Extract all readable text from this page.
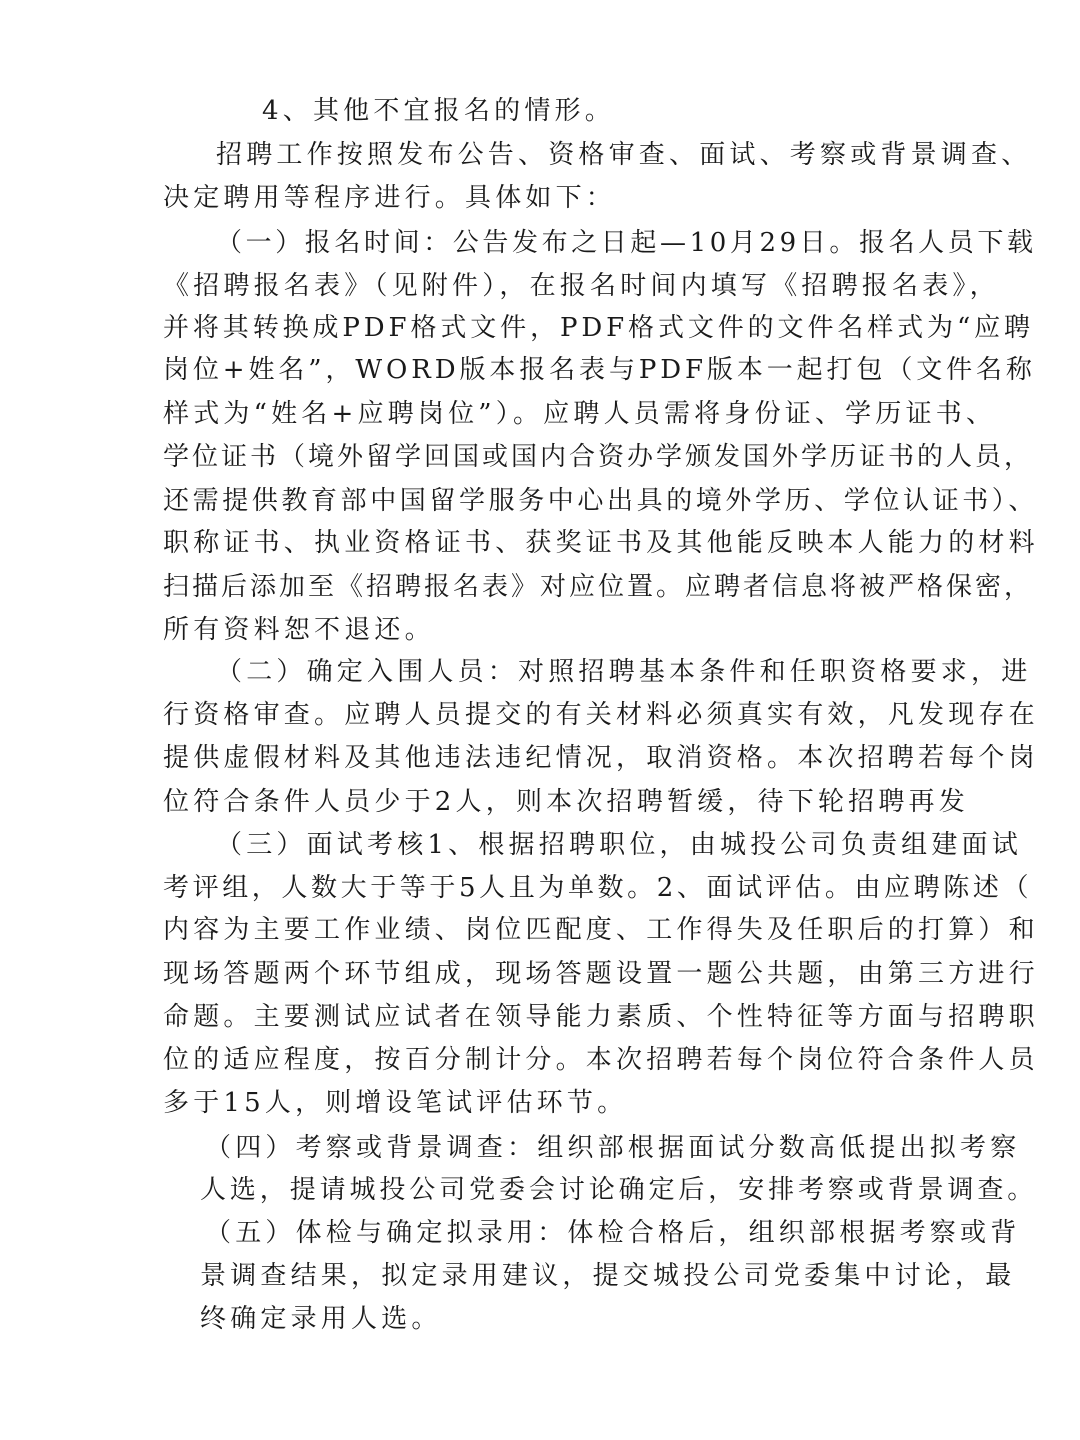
4、其他不宜报名的情形。

招聘工作按照发布公告、资格审查、面试、考察或背景调查、

决定聘用等程序进行。具体如下：

（一）报名时间：公告发布之日起—10月29日。报名人员下载

《招聘报名表》（见附件），在报名时间内填写《招聘报名表》，

并将其转换成PDF格式文件，PDF格式文件的文件名样式为“应聘

岗位+姓名”，WORD版本报名表与PDF版本一起打包（文件名称

样式为“姓名+应聘岗位”）。应聘人员需将身份证、学历证书、

学位证书（境外留学回国或国内合资办学颁发国外学历证书的人员，

还需提供教育部中国留学服务中心出具的境外学历、学位认证书）、

职称证书、执业资格证书、获奖证书及其他能反映本人能力的材料

扫描后添加至《招聘报名表》对应位置。应聘者信息将被严格保密，

所有资料恕不退还。

（二）确定入围人员：对照招聘基本条件和任职资格要求，进

行资格审查。应聘人员提交的有关材料必须真实有效，凡发现存在

提供虚假材料及其他违法违纪情况，取消资格。本次招聘若每个岗

位符合条件人员少于2人，则本次招聘暂缓，待下轮招聘再发

（三）面试考核1、根据招聘职位，由城投公司负责组建面试

考评组，人数大于等于5人且为单数。2、面试评估。由应聘陈述（

内容为主要工作业绩、岗位匹配度、工作得失及任职后的打算）和

现场答题两个环节组成，现场答题设置一题公共题，由第三方进行

命题。主要测试应试者在领导能力素质、个性特征等方面与招聘职

位的适应程度，按百分制计分。本次招聘若每个岗位符合条件人员

多于15人，则增设笔试评估环节。

（四）考察或背景调查：组织部根据面试分数高低提出拟考察

人选，提请城投公司党委会讨论确定后，安排考察或背景调查。

（五）体检与确定拟录用：体检合格后，组织部根据考察或背

景调查结果，拟定录用建议，提交城投公司党委集中讨论，最

终确定录用人选。
